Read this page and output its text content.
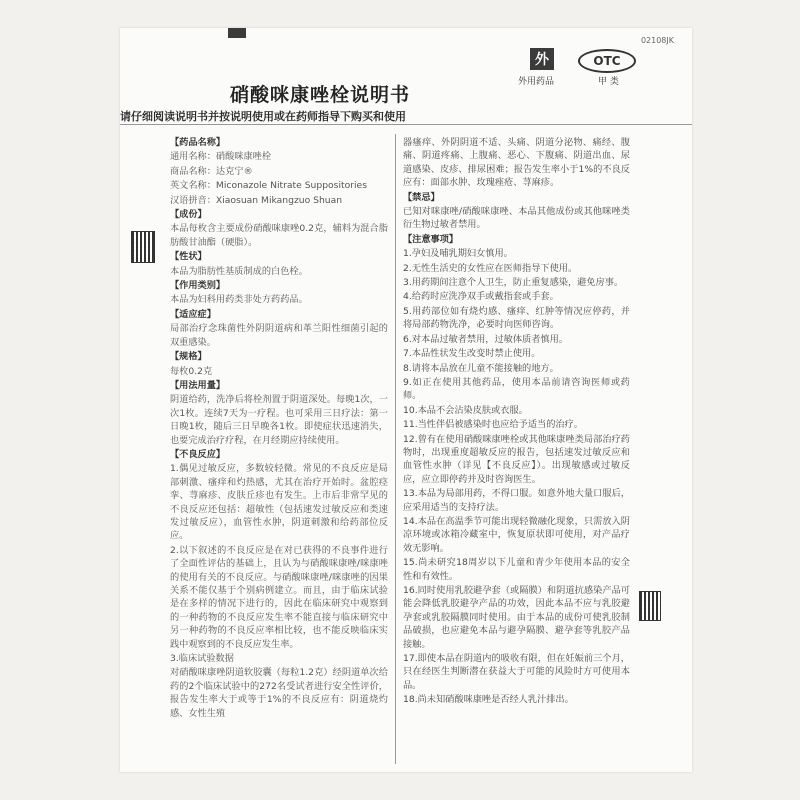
02108JK
外
外用药品
OTC
甲 类
硝酸咪康唑栓说明书
请仔细阅读说明书并按说明使用或在药师指导下购买和使用
【药品名称】
通用名称：硝酸咪康唑栓
商品名称：达克宁®
英文名称：Miconazole Nitrate Suppositories
汉语拼音：Xiaosuan Mikangzuo Shuan
【成份】
本品每枚含主要成份硝酸咪康唑0.2克，辅料为混合脂肪酸甘油酯（硬脂）。
【性状】
本品为脂肪性基质制成的白色栓。
【作用类别】
本品为妇科用药类非处方药药品。
【适应症】
局部治疗念珠菌性外阴阴道病和革兰阳性细菌引起的双重感染。
【规格】
每枚0.2克
【用法用量】
阴道给药，洗净后将栓剂置于阴道深处。每晚1次，一次1枚。连续7天为一疗程。也可采用三日疗法：第一日晚1枚，随后三日早晚各1枚。即使症状迅速消失，也要完成治疗疗程，在月经期应持续使用。
【不良反应】
1.偶见过敏反应，多数较轻微。常见的不良反应是局部刺激、瘙痒和灼热感，尤其在治疗开始时。盆腔痉挛、荨麻疹、皮肤丘疹也有发生。上市后非常罕见的不良反应还包括：超敏性（包括速发过敏反应和类速发过敏反应），血管性水肿，阴道刺激和给药部位反应。
2.以下叙述的不良反应是在对已获得的不良事件进行了全面性评估的基础上，且认为与硝酸咪康唑/咪康唑的使用有关的不良反应。与硝酸咪康唑/咪康唑的因果关系不能仅基于个别病例建立。而且，由于临床试验是在多样的情况下进行的，因此在临床研究中观察到的一种药物的不良反应发生率不能直接与临床研究中另一种药物的不良反应率相比较，也不能反映临床实践中观察到的不良反应发生率。
3.临床试验数据
对硝酸咪康唑阴道软胶囊（每粒1.2克）经阴道单次给药的2个临床试验中的272名受试者进行安全性评价，报告发生率大于或等于1%的不良反应有：阴道烧灼感、女性生殖
器瘙痒、外阴阴道不适、头痛、阴道分泌物、痛经、腹痛、阴道疼痛、上腹痛、恶心、下腹痛、阴道出血、尿道感染、皮疹、排尿困难；报告发生率小于1%的不良反应有：面部水肿、玫瑰痤疮、荨麻疹。
【禁忌】
已知对咪康唑/硝酸咪康唑、本品其他成份或其他咪唑类衍生物过敏者禁用。
【注意事项】
1.孕妇及哺乳期妇女慎用。
2.无性生活史的女性应在医师指导下使用。
3.用药期间注意个人卫生，防止重复感染，避免房事。
4.给药时应洗净双手或戴指套或手套。
5.用药部位如有烧灼感、瘙痒、红肿等情况应停药，并将局部药物洗净，必要时向医师咨询。
6.对本品过敏者禁用，过敏体质者慎用。
7.本品性状发生改变时禁止使用。
8.请将本品放在儿童不能接触的地方。
9.如正在使用其他药品，使用本品前请咨询医师或药师。
10.本品不会沾染皮肤或衣服。
11.当性伴侣被感染时也应给予适当的治疗。
12.曾有在使用硝酸咪康唑栓或其他咪康唑类局部治疗药物时，出现重度超敏反应的报告，包括速发过敏反应和血管性水肿（详见【不良反应】）。出现敏感或过敏反应，应立即停药并及时咨询医生。
13.本品为局部用药，不得口服。如意外地大量口服后，应采用适当的支持疗法。
14.本品在高温季节可能出现轻微融化现象，只需放入阴凉环境或冰箱冷藏室中，恢复原状即可使用，对产品疗效无影响。
15.尚未研究18周岁以下儿童和青少年使用本品的安全性和有效性。
16.同时使用乳胶避孕套（或隔膜）和阴道抗感染产品可能会降低乳胶避孕产品的功效，因此本品不应与乳胶避孕套或乳胶隔膜同时使用。由于本品的成份可使乳胶制品破损，也应避免本品与避孕隔膜、避孕套等乳胶产品接触。
17.即使本品在阴道内的吸收有限，但在妊娠前三个月，只在经医生判断潜在获益大于可能的风险时方可使用本品。
18.尚未知硝酸咪康唑是否经人乳汁排出。
